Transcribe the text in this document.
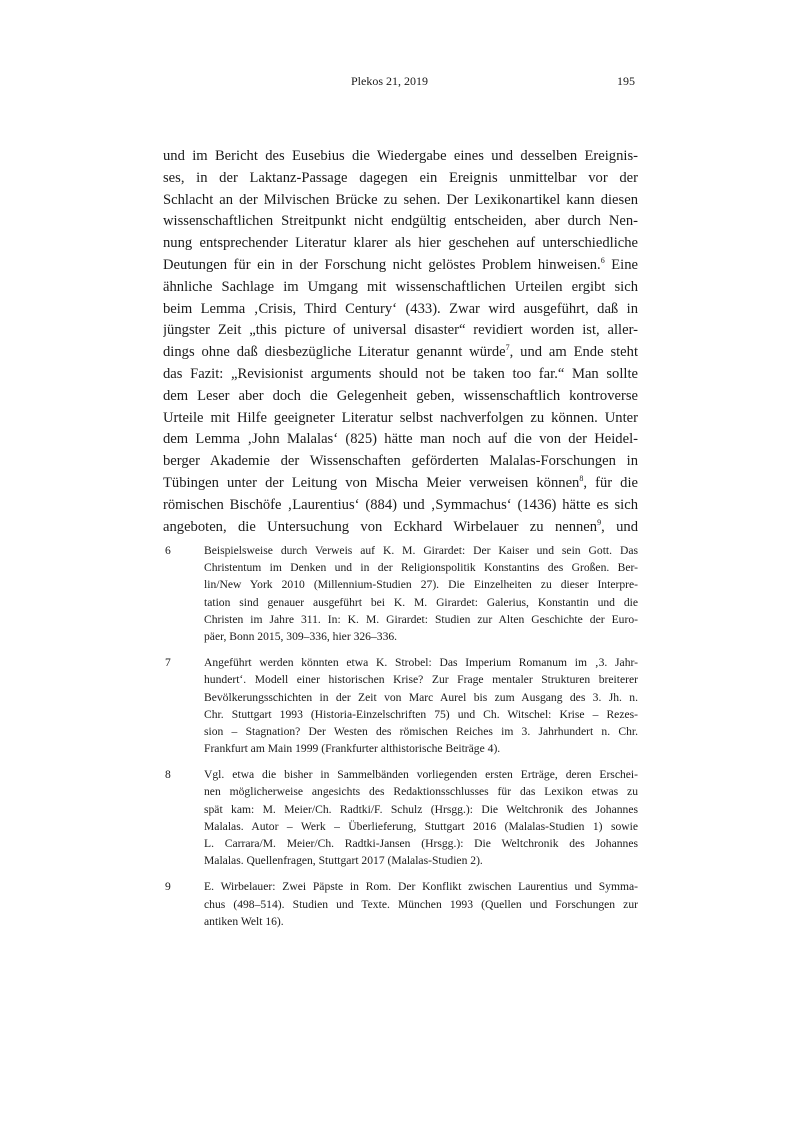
Plekos 21, 2019	195
und im Bericht des Eusebius die Wiedergabe eines und desselben Ereignis-
ses, in der Laktanz-Passage dagegen ein Ereignis unmittelbar vor der
Schlacht an der Milvischen Brücke zu sehen. Der Lexikonartikel kann diesen
wissenschaftlichen Streitpunkt nicht endgültig entscheiden, aber durch Nen-
nung entsprechender Literatur klarer als hier geschehen auf unterschiedliche
Deutungen für ein in der Forschung nicht gelöstes Problem hinweisen.$^6$ Eine
ähnliche Sachlage im Umgang mit wissenschaftlichen Urteilen ergibt sich
beim Lemma ‚Crisis, Third Century‘ (433). Zwar wird ausgeführt, daß in
jüngster Zeit „this picture of universal disaster“ revidiert worden ist, aller-
dings ohne daß diesbezügliche Literatur genannt würde$^7$, und am Ende steht
das Fazit: „Revisionist arguments should not be taken too far.“ Man sollte
dem Leser aber doch die Gelegenheit geben, wissenschaftlich kontroverse
Urteile mit Hilfe geeigneter Literatur selbst nachverfolgen zu können. Unter
dem Lemma ‚John Malalas‘ (825) hätte man noch auf die von der Heidel-
berger Akademie der Wissenschaften geförderten Malalas-Forschungen in
Tübingen unter der Leitung von Mischa Meier verweisen können$^8$, für die
römischen Bischöfe ‚Laurentius‘ (884) und ‚Symmachus‘ (1436) hätte es sich
angeboten, die Untersuchung von Eckhard Wirbelauer zu nennen$^9$, und
6	Beispielsweise durch Verweis auf K. M. Girardet: Der Kaiser und sein Gott. Das
Christentum im Denken und in der Religionspolitik Konstantins des Großen. Ber-
lin/New York 2010 (Millennium-Studien 27). Die Einzelheiten zu dieser Interpre-
tation sind genauer ausgeführt bei K. M. Girardet: Galerius, Konstantin und die
Christen im Jahre 311. In: K. M. Girardet: Studien zur Alten Geschichte der Euro-
päer, Bonn 2015, 309–336, hier 326–336.
7	Angeführt werden könnten etwa K. Strobel: Das Imperium Romanum im ‚3. Jahr-
hundert‘. Modell einer historischen Krise? Zur Frage mentaler Strukturen breiterer
Bevölkerungsschichten in der Zeit von Marc Aurel bis zum Ausgang des 3. Jh. n.
Chr. Stuttgart 1993 (Historia-Einzelschriften 75) und Ch. Witschel: Krise – Rezes-
sion – Stagnation? Der Westen des römischen Reiches im 3. Jahrhundert n. Chr.
Frankfurt am Main 1999 (Frankfurter althistorische Beiträge 4).
8	Vgl. etwa die bisher in Sammelbänden vorliegenden ersten Erträge, deren Erschei-
nen möglicherweise angesichts des Redaktionsschlusses für das Lexikon etwas zu
spät kam: M. Meier/Ch. Radtki/F. Schulz (Hrsgg.): Die Weltchronik des Johannes
Malalas. Autor – Werk – Überlieferung, Stuttgart 2016 (Malalas-Studien 1) sowie
L. Carrara/M. Meier/Ch. Radtki-Jansen (Hrsgg.): Die Weltchronik des Johannes
Malalas. Quellenfragen, Stuttgart 2017 (Malalas-Studien 2).
9	E. Wirbelauer: Zwei Päpste in Rom. Der Konflikt zwischen Laurentius und Symma-
chus (498–514). Studien und Texte. München 1993 (Quellen und Forschungen zur
antiken Welt 16).
